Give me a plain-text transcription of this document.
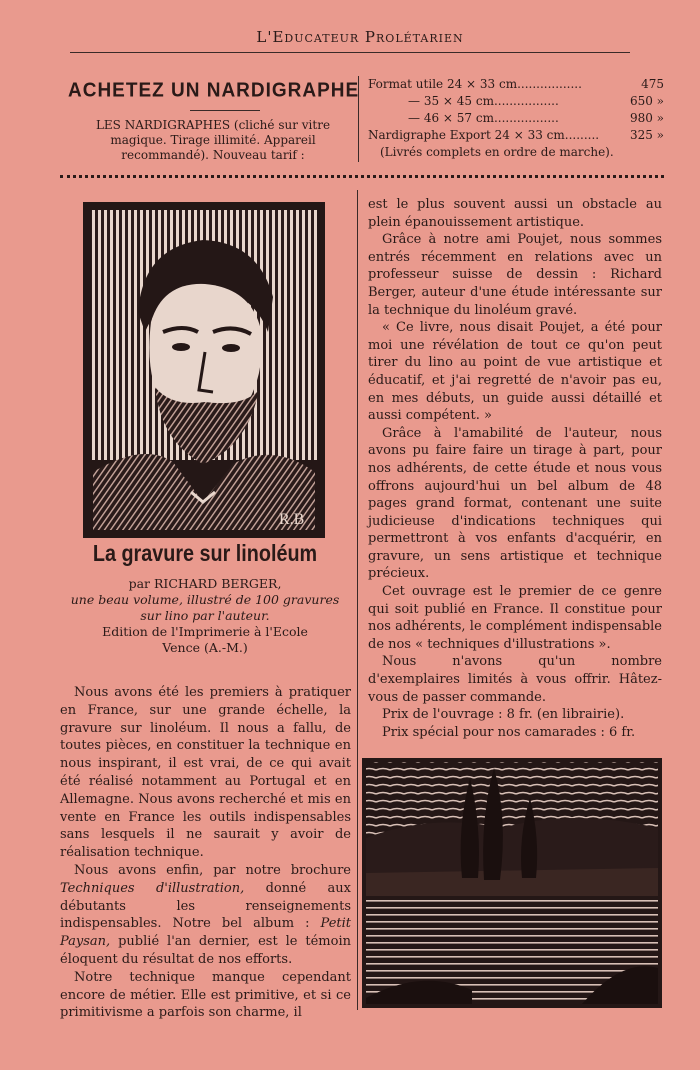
L'Educateur Prolétarien
ACHETEZ UN NARDIGRAPHE
LES NARDIGRAPHES (cliché sur vitre magique. Tirage illimité. Appareil recommandé). Nouveau tarif :
Format utile 24 × 33 cm.................	475
— 35 × 45 cm.................	650 »
— 46 × 57 cm.................	980 »
Nardigraphe Export 24 × 33 cm.........	325 »
(Livrés complets en ordre de marche).
R.B
La gravure sur linoléum
par RICHARD BERGER,
une beau volume, illustré de 100 gravures sur lino par l'auteur.
Edition de l'Imprimerie à l'Ecole
Vence (A.-M.)

Nous avons été les premiers à pratiquer en France, sur une grande échelle, la gravure sur linoléum. Il nous a fallu, de toutes pièces, en constituer la technique en nous inspirant, il est vrai, de ce qui avait été réalisé notamment au Portugal et en Allemagne. Nous avons recherché et mis en vente en France les outils indispensables sans lesquels il ne saurait y avoir de réalisation technique.

Nous avons enfin, par notre brochure Techniques d'illustration, donné aux débutants les renseignements indispensables. Notre bel album : Petit Paysan, publié l'an dernier, est le témoin éloquent du résultat de nos efforts.

Notre technique manque cependant encore de métier. Elle est primitive, et si ce primitivisme a parfois son charme, il

est le plus souvent aussi un obstacle au plein épanouissement artistique.

Grâce à notre ami Poujet, nous sommes entrés récemment en relations avec un professeur suisse de dessin : Richard Berger, auteur d'une étude intéressante sur la technique du linoléum gravé.

« Ce livre, nous disait Poujet, a été pour moi une révélation de tout ce qu'on peut tirer du lino au point de vue artistique et éducatif, et j'ai regretté de n'avoir pas eu, en mes débuts, un guide aussi détaillé et aussi compétent. »

Grâce à l'amabilité de l'auteur, nous avons pu faire faire un tirage à part, pour nos adhérents, de cette étude et nous vous offrons aujourd'hui un bel album de 48 pages grand format, contenant une suite judicieuse d'indications techniques qui permettront à vos enfants d'acquérir, en gravure, un sens artistique et technique précieux.

Cet ouvrage est le premier de ce genre qui soit publié en France. Il constitue pour nos adhérents, le complément indispensable de nos « techniques d'illustrations ».

Nous n'avons qu'un nombre d'exemplaires limités à vous offrir. Hâtez-vous de passer commande.

Prix de l'ouvrage : 8 fr. (en librairie).

Prix spécial pour nos camarades : 6 fr.
